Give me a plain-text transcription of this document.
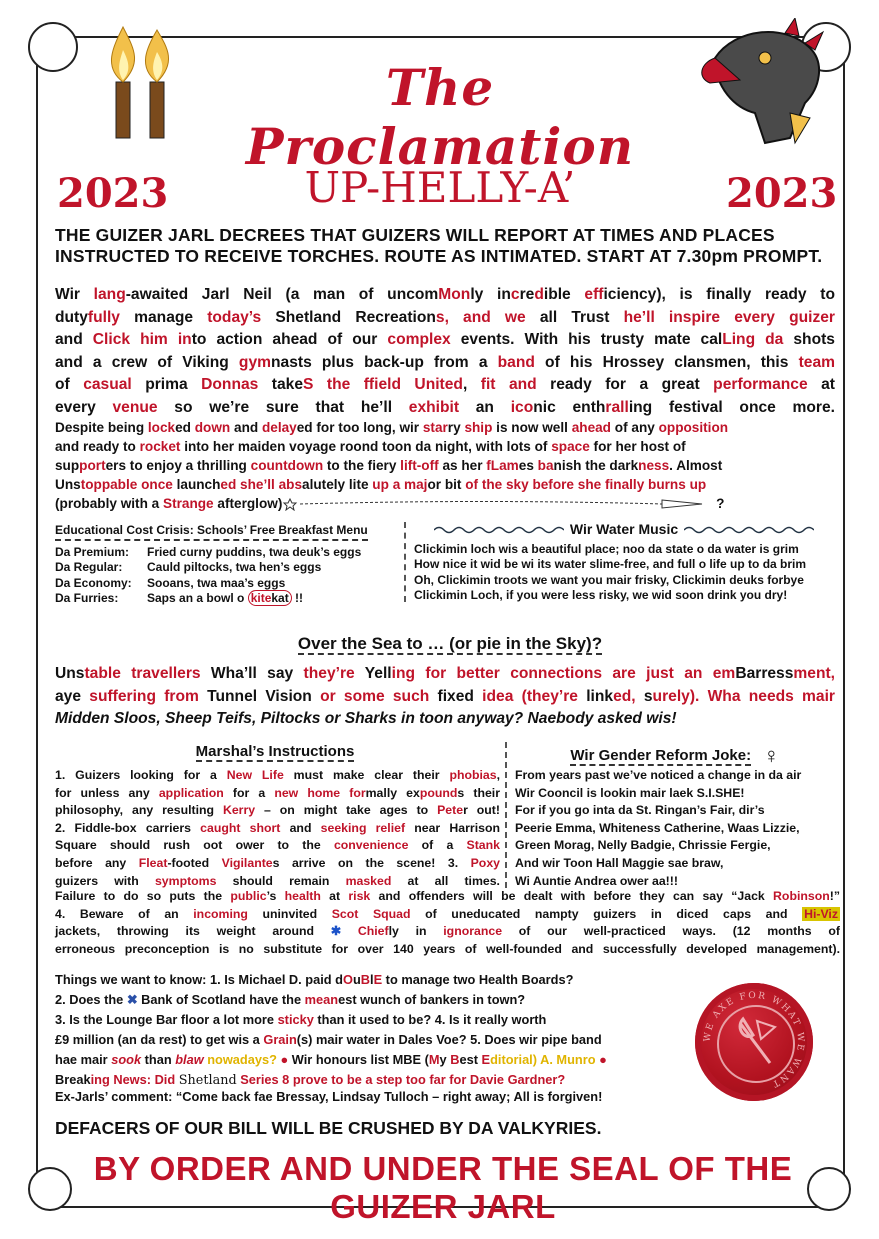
The Proclamation
2023	2023
UP-HELLY-A’
THE GUIZER JARL DECREES THAT GUIZERS WILL REPORT AT TIMES AND PLACES INSTRUCTED TO RECEIVE TORCHES. ROUTE AS INTIMATED. START AT 7.30pm PROMPT.
Wir lang-awaited Jarl Neil (a man of uncomMonly incredible efficiency), is finally ready to
dutyfully manage today’s Shetland Recreations, and we all Trust he’ll inspire every guizer
and Click him into action ahead of our complex events. With his trusty mate calLing da shots
and a crew of Viking gymnasts plus back-up from a band of his Hrossey clansmen, this team
of casual prima Donnas takeS the ffield United, fit and ready for a great performance at
every venue so we’re sure that he’ll exhibit an iconic enthralling festival once more.
Despite being locked down and delayed for too long, wir starry ship is now well ahead of any opposition
and ready to rocket into her maiden voyage roond toon da night, with lots of space for her host of
supporters to enjoy a thrilling countdown to the fiery lift-off as her fLames banish the darkness. Almost
Unstoppable once launched she’ll absalutely lite up a major bit of the sky before she finally burns up
(probably with a Strange afterglow)	?
Educational Cost Crisis: Schools’ Free Breakfast Menu
Da Premium:	Fried curny puddins, twa deuk’s eggs
Da Regular:	Cauld piltocks, twa hen’s eggs
Da Economy:	Sooans, twa maa’s eggs
Da Furries:	Saps an a bowl o kitekat !!
Wir Water Music
Clickimin loch wis a beautiful place; noo da state o da water is grim
How nice it wid be wi its water slime-free, and full o life up to da brim
Oh, Clickimin troots we want you mair frisky, Clickimin deuks forbye
Clickimin Loch, if you were less risky, we wid soon drink you dry!
Over the Sea to … (or pie in the Sky)?
Unstable travellers Wha’ll say they’re Yelling for better connections are just an emBarressment,
aye suffering from Tunnel Vision or some such fixed idea (they’re linked, surely). Wha needs mair
Midden Sloos, Sheep Teifs, Piltocks or Sharks in toon anyway? Naebody asked wis!
Marshal’s Instructions
1. Guizers looking for a New Life must make clear their phobias,
for unless any application for a new home formally expounds their
philosophy, any resulting Kerry – on might take ages to Peter out!
2. Fiddle-box carriers caught short and seeking relief near Harrison
Square should rush oot ower to the convenience of a Stank
before any Fleat-footed Vigilantes arrive on the scene! 3. Poxy
guizers with symptoms should remain masked at all times.
Wir Gender Reform Joke: ♀
From years past we’ve noticed a change in da air
Wir Cooncil is lookin mair laek S.I.SHE!
For if you go inta da St. Ringan’s Fair, dir’s
Peerie Emma, Whiteness Catherine, Waas Lizzie,
Green Morag, Nelly Badgie, Chrissie Fergie,
And wir Toon Hall Maggie sae braw,
Wi Auntie Andrea ower aa!!!
Failure to do so puts the public’s health at risk and offenders will be dealt with before they can say “Jack Robinson!”
4. Beware of an incoming uninvited Scot Squad of uneducated nampty guizers in diced caps and Hi-Viz
jackets, throwing its weight around ✱ Chiefly in ignorance of our well-practiced ways. (12 months of
erroneous preconception is no substitute for over 140 years of well-founded and successfully developed management).
Things we want to know: 1. Is Michael D. paid dOuBlE to manage two Health Boards?
2. Does the ✖ Bank of Scotland have the meanest wunch of bankers in town?
3. Is the Lounge Bar floor a lot more sticky than it used to be? 4. Is it really worth
£9 million (an da rest) to get wis a Grain(s) mair water in Dales Voe? 5. Does wir pipe band
hae mair sook than blaw nowadays? ● Wir honours list MBE (My Best Editorial) A. Munro ●
Breaking News: Did Shetland Series 8 prove to be a step too far for Davie Gardner?
Ex-Jarls’ comment: “Come back fae Bressay, Lindsay Tulloch – right away; All is forgiven!
WE AXE FOR WHAT WE WANT
DEFACERS OF OUR BILL WILL BE CRUSHED BY DA VALKYRIES.
BY ORDER AND UNDER THE SEAL OF THE GUIZER JARL
